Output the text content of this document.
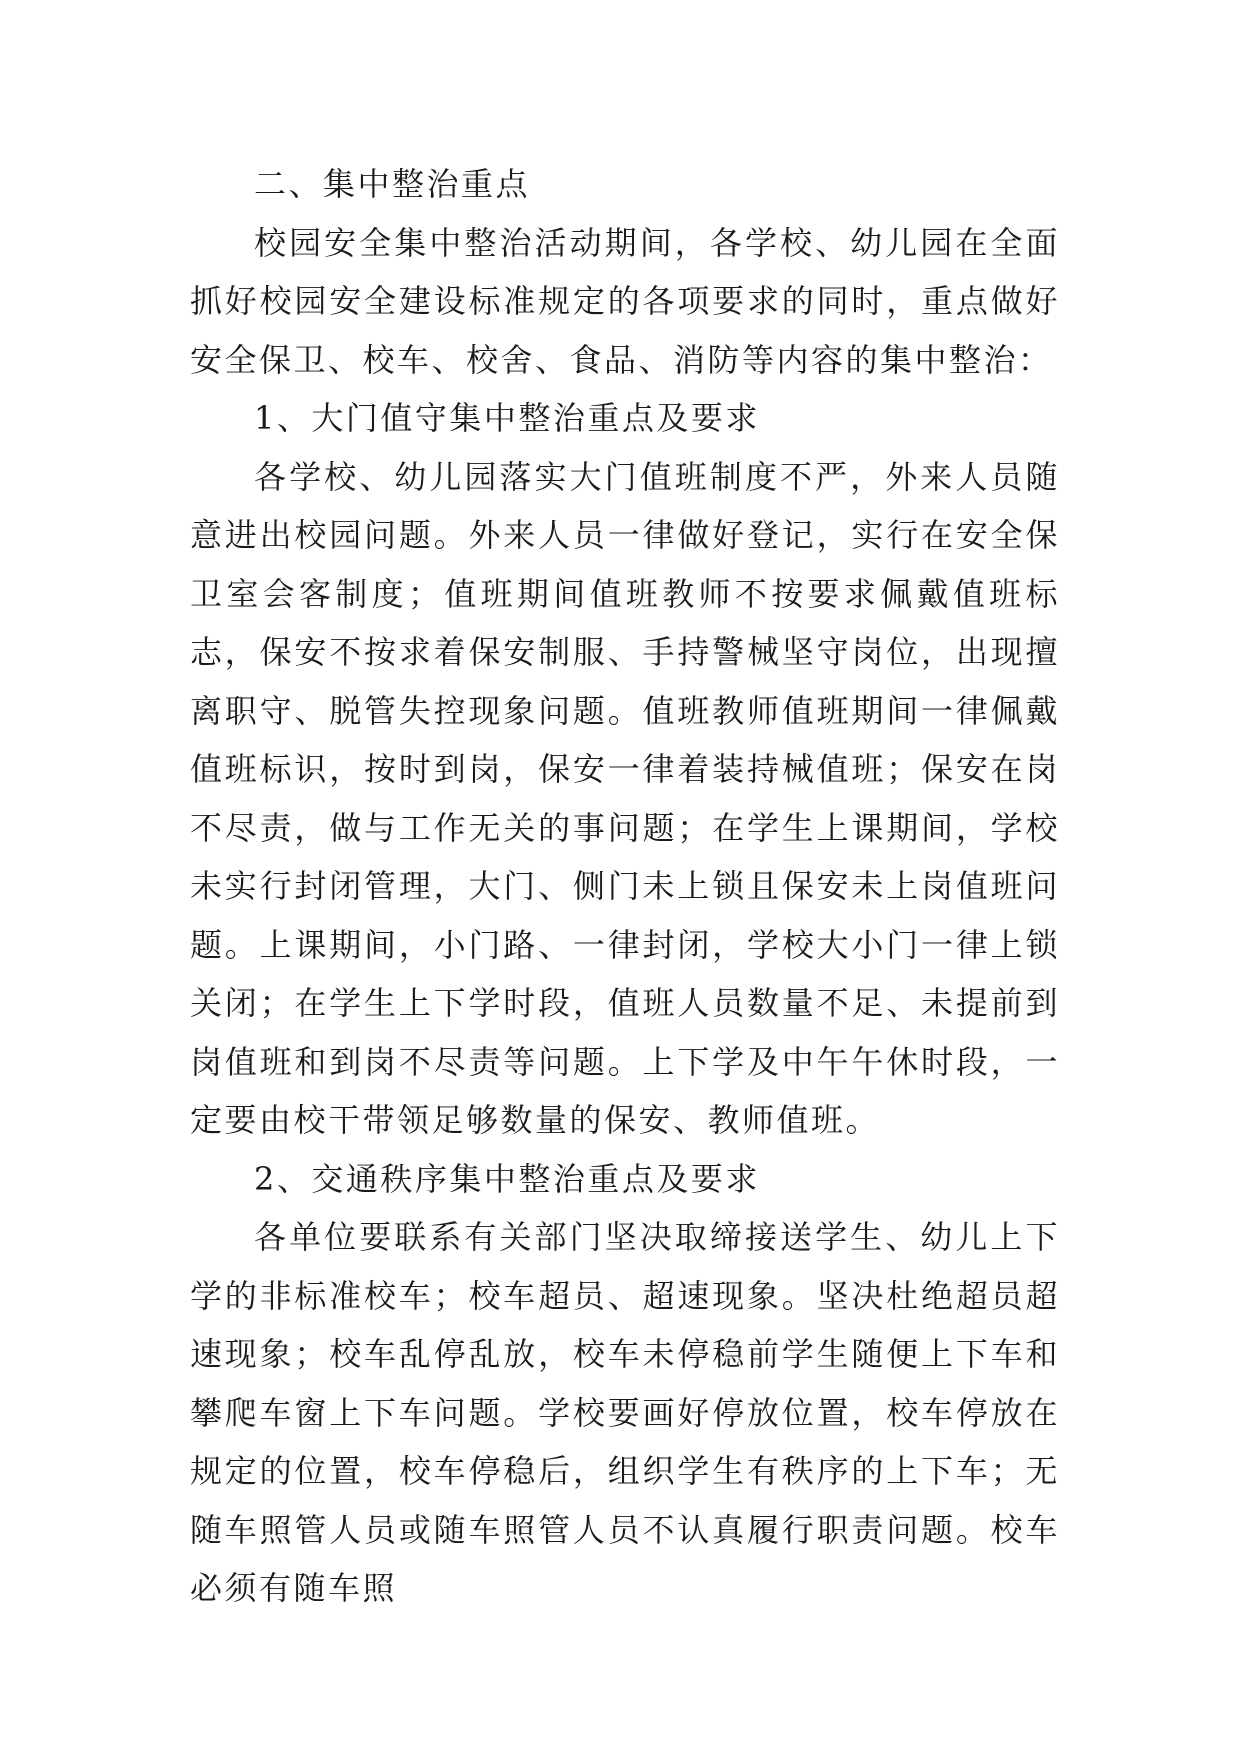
二、集中整治重点

校园安全集中整治活动期间，各学校、幼儿园在全面抓好校园安全建设标准规定的各项要求的同时，重点做好安全保卫、校车、校舍、食品、消防等内容的集中整治：

1、大门值守集中整治重点及要求

各学校、幼儿园落实大门值班制度不严，外来人员随意进出校园问题。外来人员一律做好登记，实行在安全保卫室会客制度；值班期间值班教师不按要求佩戴值班标志，保安不按求着保安制服、手持警械坚守岗位，出现擅离职守、脱管失控现象问题。值班教师值班期间一律佩戴值班标识，按时到岗，保安一律着装持械值班；保安在岗不尽责，做与工作无关的事问题；在学生上课期间，学校未实行封闭管理，大门、侧门未上锁且保安未上岗值班问题。上课期间，小门路、一律封闭，学校大小门一律上锁关闭；在学生上下学时段，值班人员数量不足、未提前到岗值班和到岗不尽责等问题。上下学及中午午休时段，一定要由校干带领足够数量的保安、教师值班。

2、交通秩序集中整治重点及要求

各单位要联系有关部门坚决取缔接送学生、幼儿上下学的非标准校车；校车超员、超速现象。坚决杜绝超员超速现象；校车乱停乱放，校车未停稳前学生随便上下车和攀爬车窗上下车问题。学校要画好停放位置，校车停放在规定的位置，校车停稳后，组织学生有秩序的上下车；无随车照管人员或随车照管人员不认真履行职责问题。校车必须有随车照
